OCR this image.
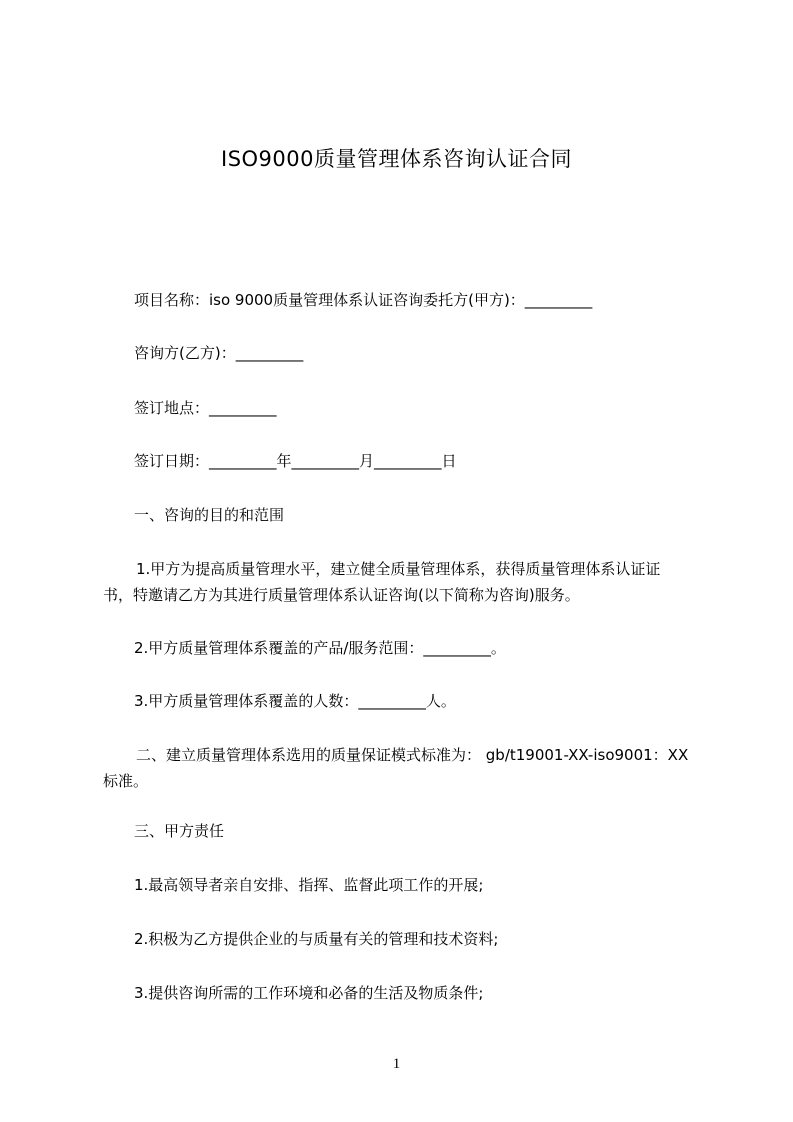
ISO9000质量管理体系咨询认证合同
项目名称：iso 9000质量管理体系认证咨询委托方(甲方)：_________
咨询方(乙方)：_________
签订地点：_________
签订日期：_________年_________月_________日
一、咨询的目的和范围
1.甲方为提高质量管理水平，建立健全质量管理体系，获得质量管理体系认证证
书，特邀请乙方为其进行质量管理体系认证咨询(以下简称为咨询)服务。
2.甲方质量管理体系覆盖的产品/服务范围：_________。
3.甲方质量管理体系覆盖的人数：_________人。
二、建立质量管理体系选用的质量保证模式标准为： gb/t19001-XX-iso9001：XX
标准。
三、甲方责任
1.最高领导者亲自安排、指挥、监督此项工作的开展;
2.积极为乙方提供企业的与质量有关的管理和技术资料;
3.提供咨询所需的工作环境和必备的生活及物质条件;
1
